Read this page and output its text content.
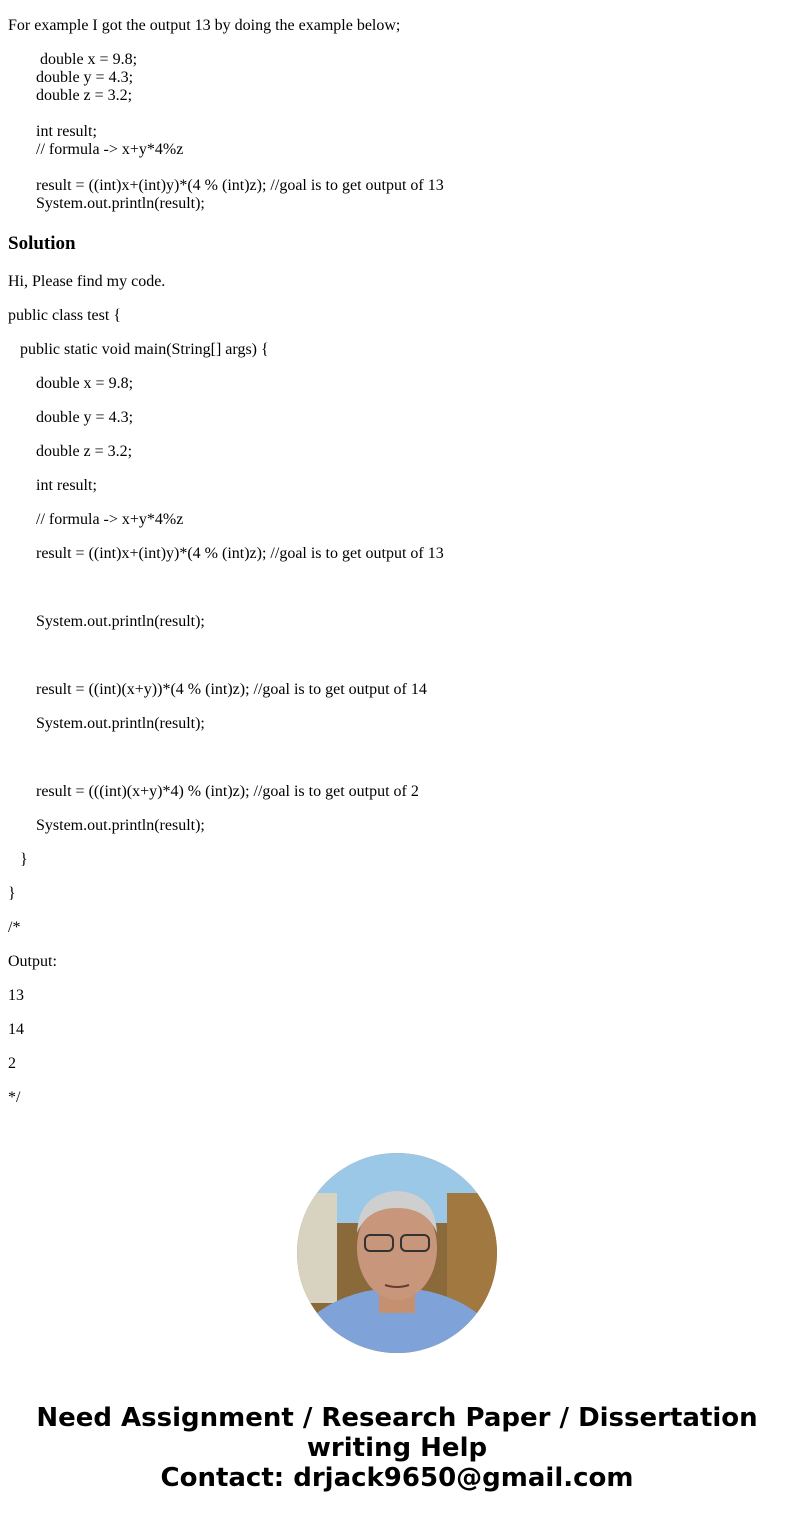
For example I got the output 13 by doing the example below;

double x = 9.8;
double y = 4.3;
double z = 3.2;
int result;
// formula -> x+y*4%z
result = ((int)x+(int)y)*(4 % (int)z); //goal is to get output of 13
System.out.println(result);
Solution
Hi, Please find my code.
public class test {
public static void main(String[] args) {
double x = 9.8;
double y = 4.3;
double z = 3.2;
int result;
// formula -> x+y*4%z
result = ((int)x+(int)y)*(4 % (int)z); //goal is to get output of 13
System.out.println(result);
result = ((int)(x+y))*(4 % (int)z); //goal is to get output of 14
System.out.println(result);
result = (((int)(x+y)*4) % (int)z); //goal is to get output of 2
System.out.println(result);
}
}
/*
Output:
13
14
2
*/
Need Assignment / Research Paper / Dissertation
writing Help
Contact: drjack9650@gmail.com
